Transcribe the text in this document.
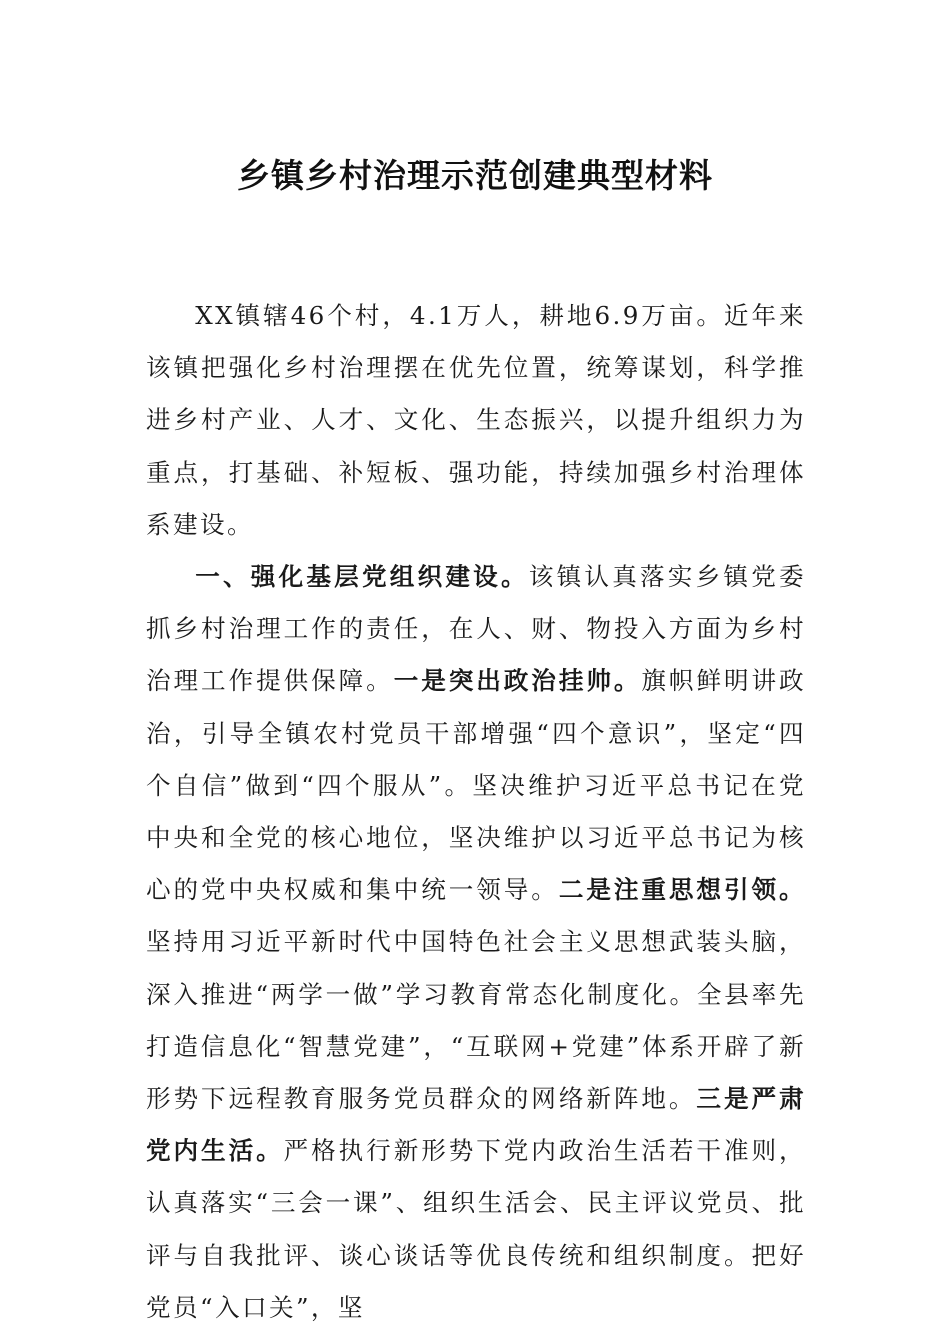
乡镇乡村治理示范创建典型材料

XX镇辖46个村，4.1万人，耕地6.9万亩。近年来该镇把强化乡村治理摆在优先位置，统筹谋划，科学推进乡村产业、人才、文化、生态振兴，以提升组织力为重点，打基础、补短板、强功能，持续加强乡村治理体系建设。

一、强化基层党组织建设。该镇认真落实乡镇党委抓乡村治理工作的责任，在人、财、物投入方面为乡村治理工作提供保障。一是突出政治挂帅。旗帜鲜明讲政治，引导全镇农村党员干部增强“四个意识”，坚定“四个自信”做到“四个服从”。坚决维护习近平总书记在党中央和全党的核心地位，坚决维护以习近平总书记为核心的党中央权威和集中统一领导。二是注重思想引领。坚持用习近平新时代中国特色社会主义思想武装头脑，深入推进“两学一做”学习教育常态化制度化。全县率先打造信息化“智慧党建”，“互联网+党建”体系开辟了新形势下远程教育服务党员群众的网络新阵地。三是严肃党内生活。严格执行新形势下党内政治生活若干准则，认真落实“三会一课”、组织生活会、民主评议党员、批评与自我批评、谈心谈话等优良传统和组织制度。把好党员“入口关”，坚
